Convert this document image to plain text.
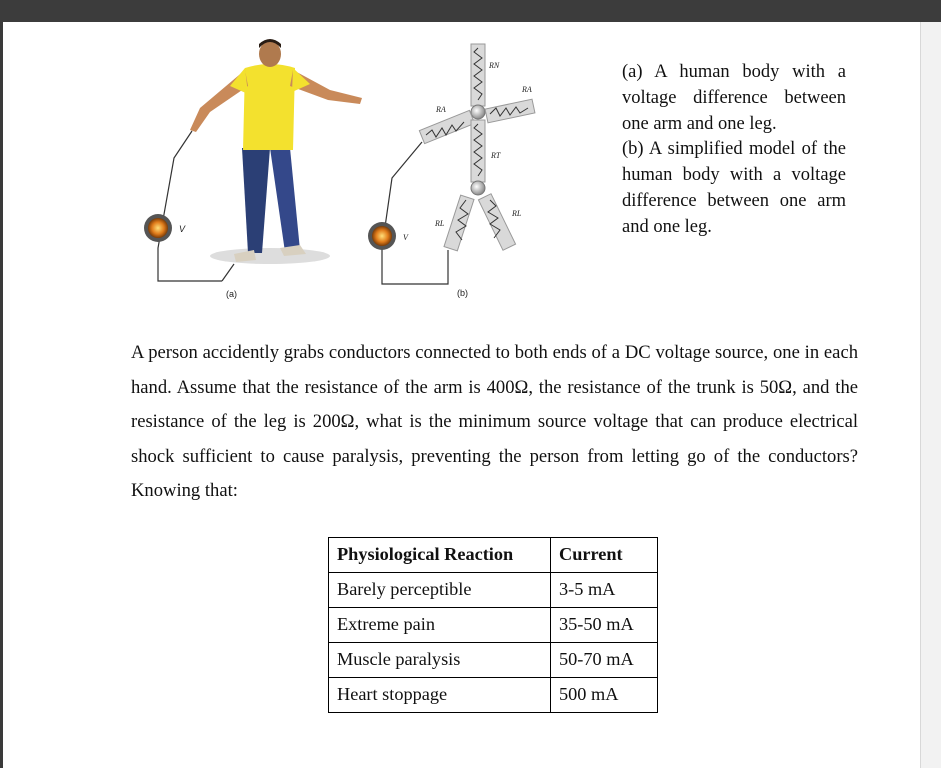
V
(a)
V
(b)
RN
RA
RA
RT
RL
RL

(a) A human body with a voltage difference between one arm and one leg.

(b) A simplified model of the human body with a voltage difference between one arm and one leg.

A person accidently grabs conductors connected to both ends of a DC voltage source, one in each hand. Assume that the resistance of the arm is 400Ω, the resistance of the trunk is 50Ω, and the resistance of the leg is 200Ω, what is the minimum source voltage that can produce electrical shock sufficient to cause paralysis, preventing the person from letting go of the conductors? Knowing that:

Physiological Reaction	Current
Barely perceptible	3-5 mA
Extreme pain	35-50 mA
Muscle paralysis	50-70 mA
Heart stoppage	500 mA
